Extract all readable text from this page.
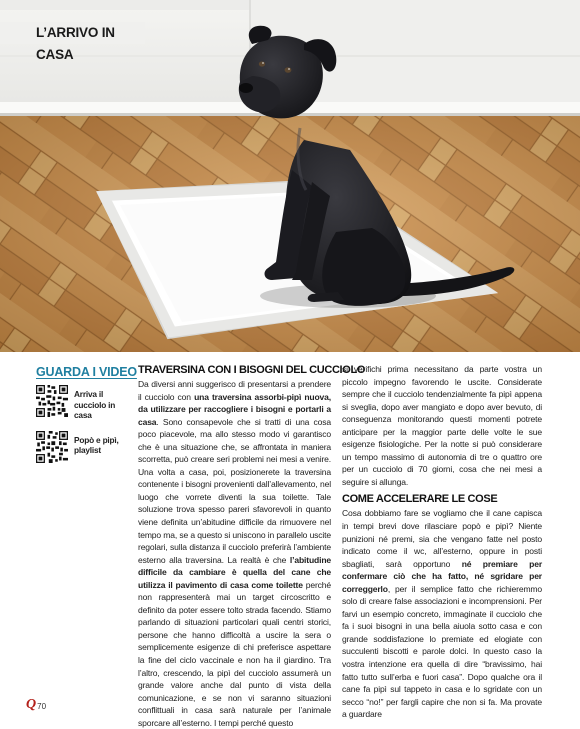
L’ARRIVO IN CASA
GUARDA I VIDEO
Arriva il cucciolo in casa
Popò e pipì, playlist
TRAVERSINA CON I BISOGNI DEL CUCCIOLO

Da diversi anni suggerisco di presentarsi a prendere il cucciolo con una traversina assorbi-pipì nuova, da utilizzare per raccogliere i bisogni e portarli a casa. Sono consapevole che si tratti di una cosa poco piacevole, ma allo stesso modo vi garantisco che è una situazione che, se affrontata in maniera scorretta, può creare seri problemi nei mesi a venire. Una volta a casa, poi, posizionerete la traversina contenente i bisogni provenienti dall’allevamento, nel luogo che vorrete diventi la sua toilette. Tale soluzione trova spesso pareri sfavorevoli in quanto viene definita un’abitudine difficile da rimuovere nel tempo ma, se a questo si uniscono in parallelo uscite regolari, sulla distanza il cucciolo preferirà l’ambiente esterno alla traversina. La realtà è che l’abitudine difficile da cambiare è quella del cane che utilizza il pavimento di casa come toilette perché non rappresenterà mai un target circoscritto e definito da poter essere tolto strada facendo. Stiamo parlando di situazioni particolari quali centri storici, persone che hanno difficoltà a uscire la sera o semplicemente esigenze di chi preferisce aspettare la fine del ciclo vaccinale e non ha il giardino. Tra l’altro, crescendo, la pipì del cucciolo assumerà un grande valore anche dal punto di vista della comunicazione, e se non vi saranno situazioni conflittuali in casa sarà naturale per l’animale sporcare all’esterno. I tempi perché questo

si verifichi prima necessitano da parte vostra un piccolo impegno favorendo le uscite. Considerate sempre che il cucciolo tendenzialmente fa pipì appena si sveglia, dopo aver mangiato e dopo aver bevuto, di conseguenza monitorando questi momenti potrete anticipare per la maggior parte delle volte le sue esigenze fisiologiche. Per la notte si può considerare un tempo massimo di autonomia di tre o quattro ore per un cucciolo di 70 giorni, cosa che nei mesi a seguire si allunga.

COME ACCELERARE LE COSE

Cosa dobbiamo fare se vogliamo che il cane capisca in tempi brevi dove rilasciare popò e pipì? Niente punizioni né premi, sia che vengano fatte nel posto indicato come il wc, all’esterno, oppure in posti sbagliati, sarà opportuno né premiare per confermare ciò che ha fatto, né sgridare per correggerlo, per il semplice fatto che richieremmo solo di creare false associazioni e incomprensioni. Per farvi un esempio concreto, immaginate il cucciolo che fa i suoi bisogni in una bella aiuola sotto casa e con grande soddisfazione lo premiate ed elogiate con succulenti biscotti e parole dolci. In questo caso la vostra intenzione era quella di dire “bravissimo, hai fatto tutto sull’erba e fuori casa”. Dopo qualche ora il cane fa pipì sul tappeto in casa e lo sgridate con un secco “no!” per fargli capire che non si fa. Ma provate a guardare

Q 70
